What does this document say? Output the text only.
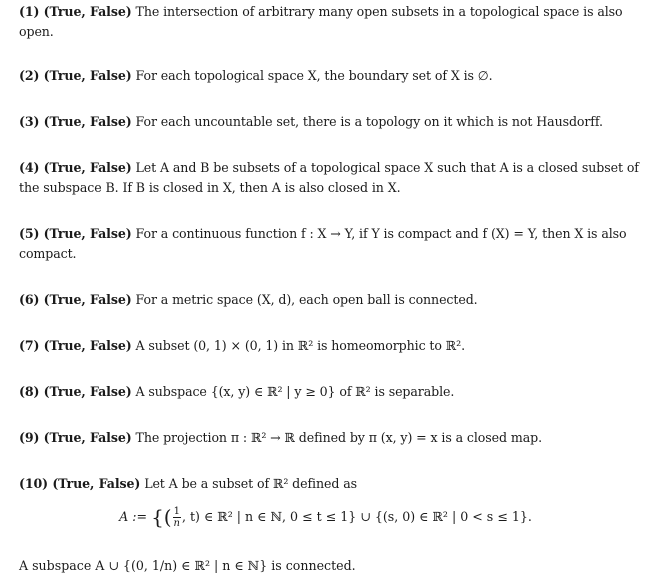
(1) (True, False) The intersection of arbitrary many open subsets in a topological space is also open.
(2) (True, False) For each topological space X, the boundary set of X is ∅.
(3) (True, False) For each uncountable set, there is a topology on it which is not Hausdorff.
(4) (True, False) Let A and B be subsets of a topological space X such that A is a closed subset of the subspace B. If B is closed in X, then A is also closed in X.
(5) (True, False) For a continuous function f : X → Y, if Y is compact and f (X) = Y, then X is also compact.
(6) (True, False) For a metric space (X, d), each open ball is connected.
(7) (True, False) A subset (0, 1) × (0, 1) in ℝ² is homeomorphic to ℝ².
(8) (True, False) A subspace {(x, y) ∈ ℝ² | y ≥ 0} of ℝ² is separable.
(9) (True, False) The projection π : ℝ² → ℝ defined by π (x, y) = x is a closed map.
(10) (True, False) Let A be a subset of ℝ² defined as
A := {( $\frac{1}{n}$ , t) ∈ ℝ² | n ∈ ℕ, 0 ≤ t ≤ 1} ∪ {(s, 0) ∈ ℝ² | 0 < s ≤ 1}.
A subspace A ∪ {(0, 1/n) ∈ ℝ² | n ∈ ℕ} is connected.
